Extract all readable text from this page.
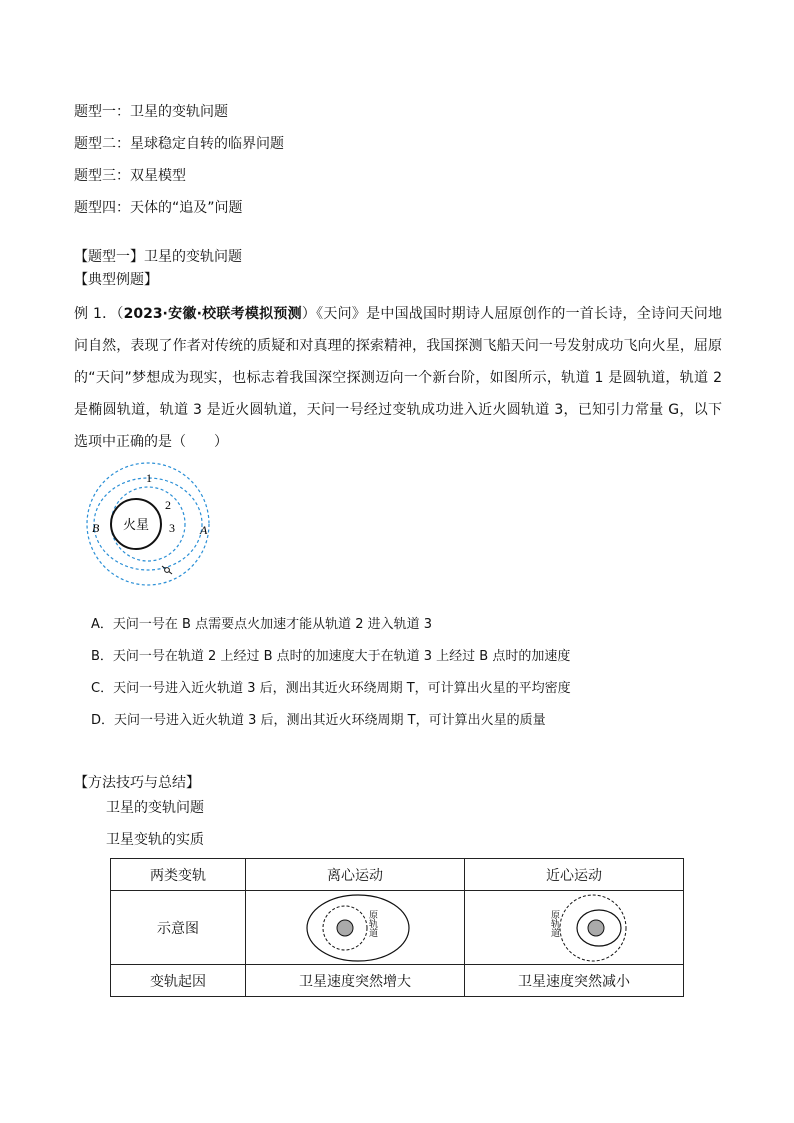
题型一：卫星的变轨问题
题型二：星球稳定自转的临界问题
题型三：双星模型
题型四：天体的“追及”问题
【题型一】卫星的变轨问题
【典型例题】
例 1．（2023·安徽·校联考模拟预测）《天问》是中国战国时期诗人屈原创作的一首长诗，全诗问天问地问自然，表现了作者对传统的质疑和对真理的探索精神，我国探测飞船天问一号发射成功飞向火星，屈原的“天问”梦想成为现实，也标志着我国深空探测迈向一个新台阶，如图所示，轨道 1 是圆轨道，轨道 2 是椭圆轨道，轨道 3 是近火圆轨道，天问一号经过变轨成功进入近火圆轨道 3，已知引力常量 G，以下选项中正确的是（　　）
火星
1
2
3
B	A
A．天问一号在 B 点需要点火加速才能从轨道 2 进入轨道 3
B．天问一号在轨道 2 上经过 B 点时的加速度大于在轨道 3 上经过 B 点时的加速度
C．天问一号进入近火轨道 3 后，测出其近火环绕周期 T，可计算出火星的平均密度
D．天问一号进入近火轨道 3 后，测出其近火环绕周期 T，可计算出火星的质量
【方法技巧与总结】
卫星的变轨问题
卫星变轨的实质
两类变轨	离心运动	近心运动
示意图	原轨道	原轨道

变轨起因	卫星速度突然增大	卫星速度突然减小
